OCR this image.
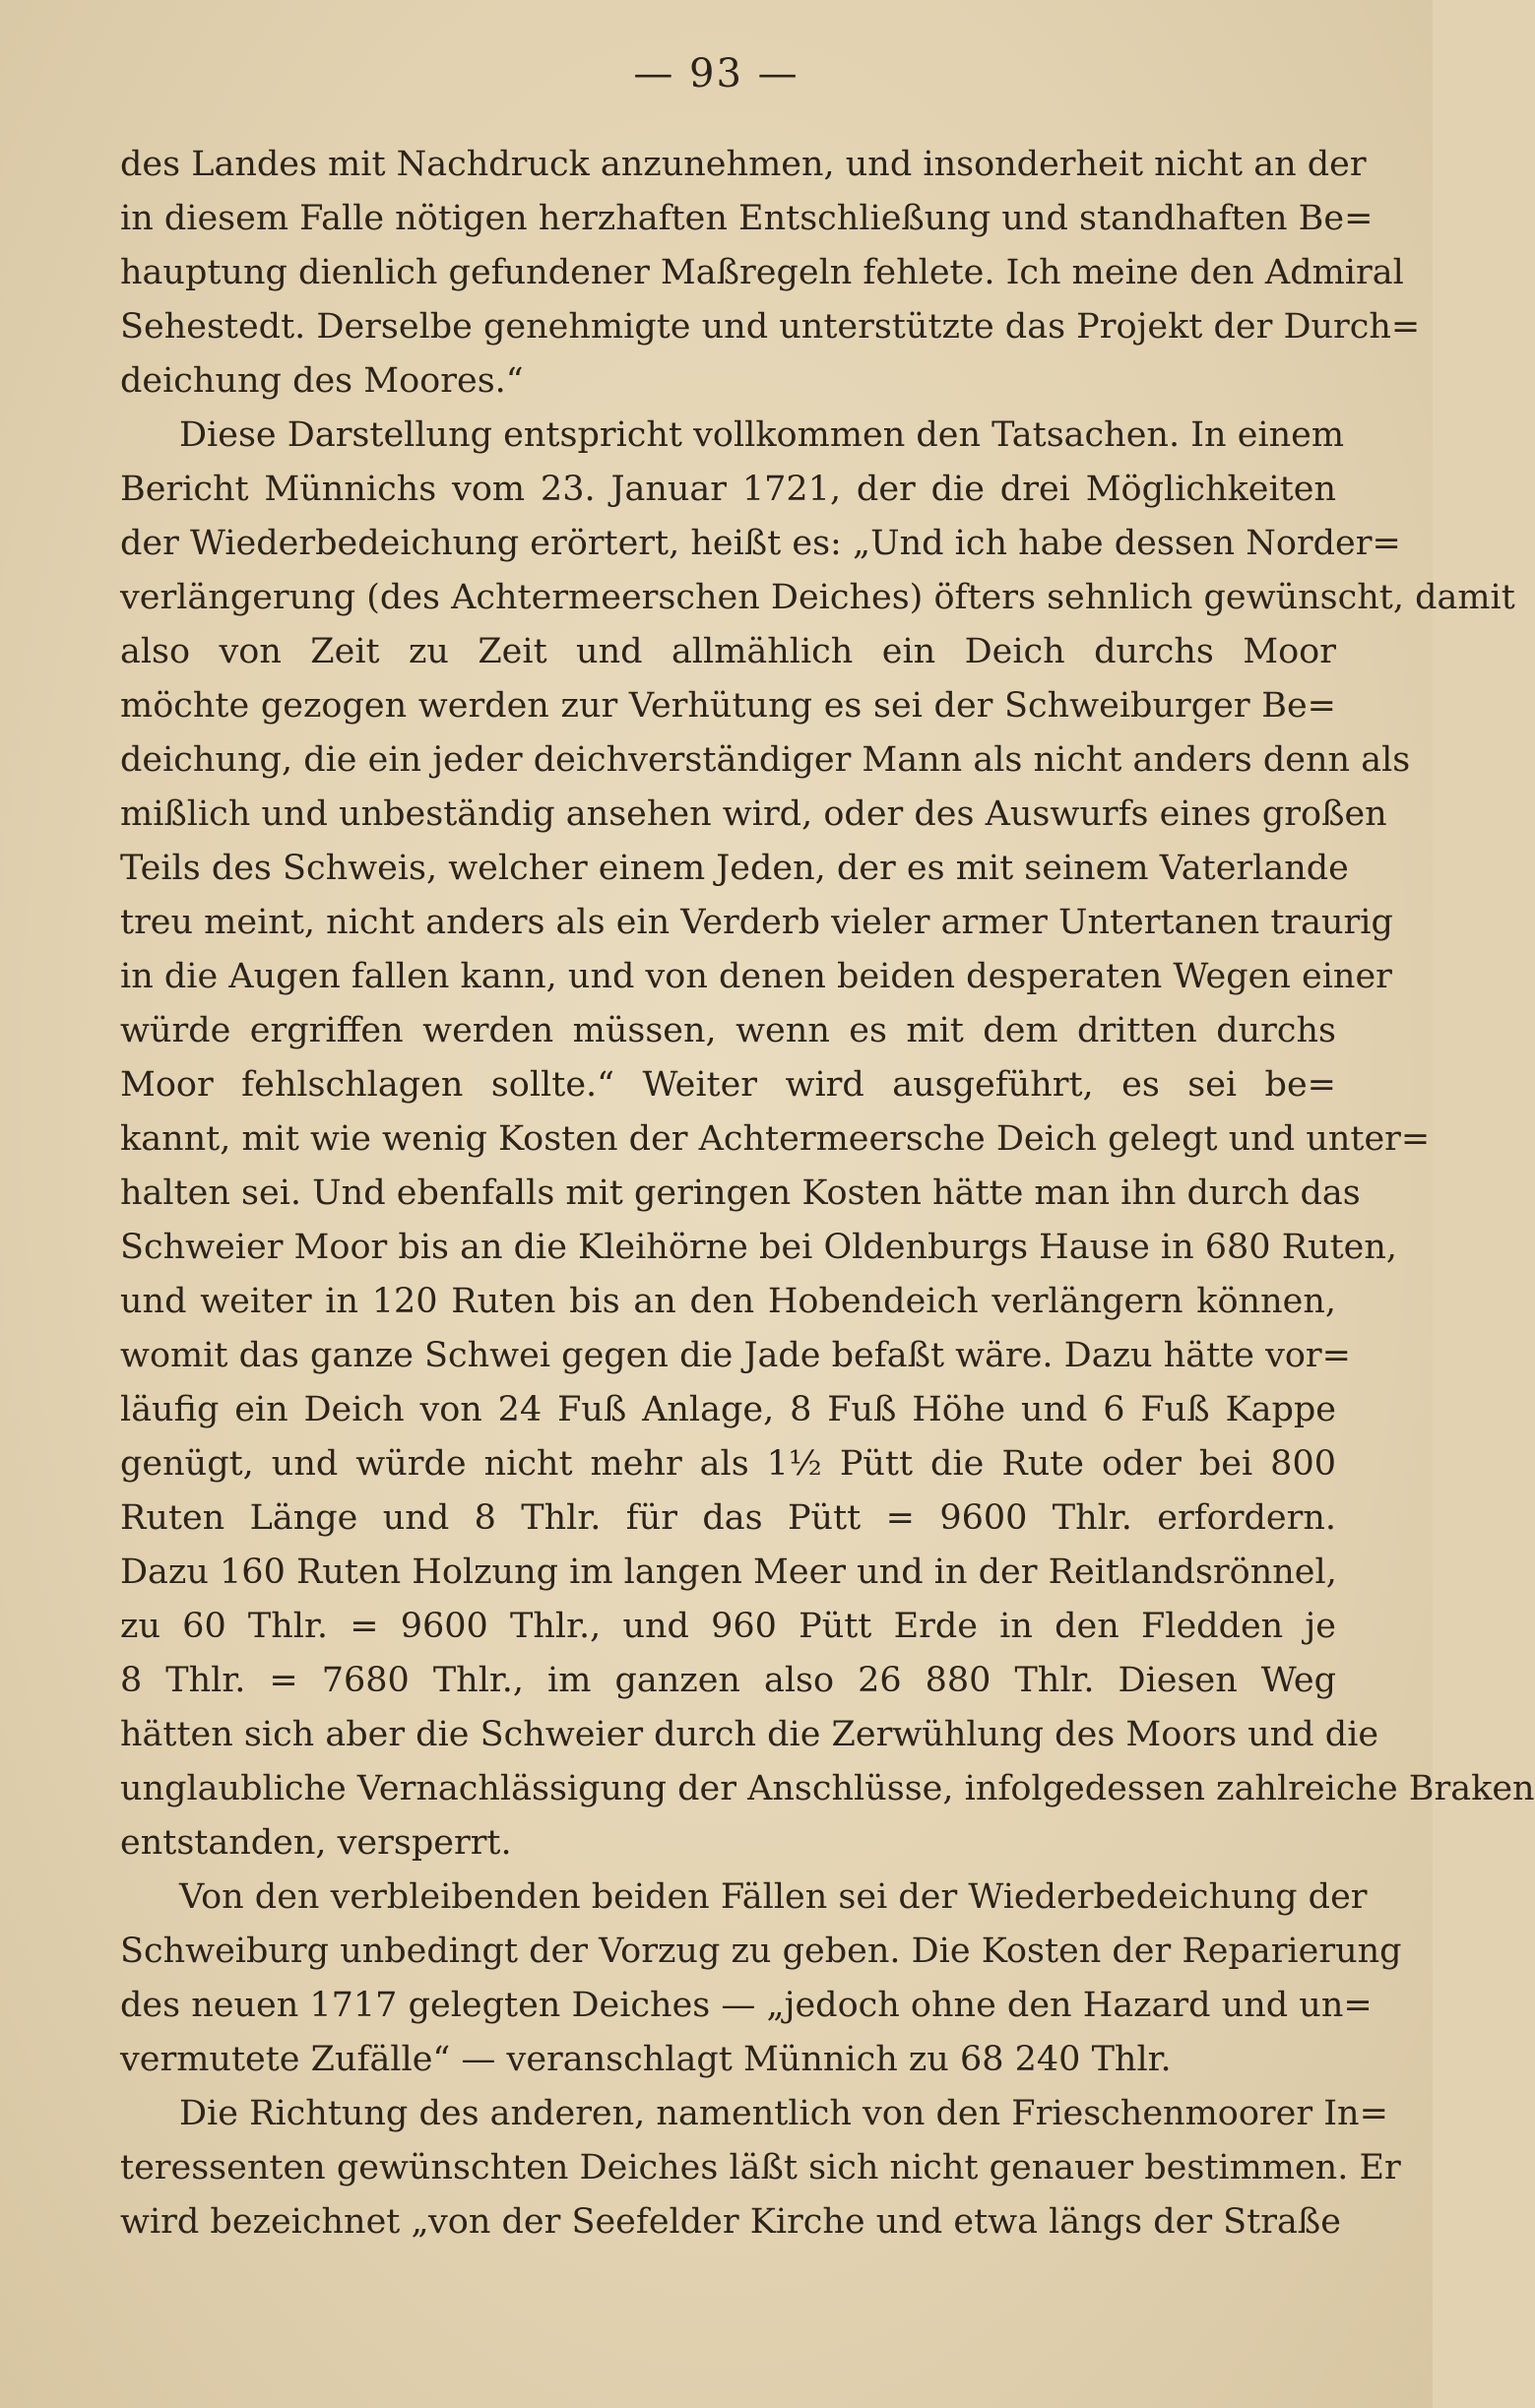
— 93 —
des Landes mit Nachdruck anzunehmen, und insonderheit nicht an der
in diesem Falle nötigen herzhaften Entschließung und standhaften Be=
hauptung dienlich gefundener Maßregeln fehlete. Ich meine den Admiral
Sehestedt. Derselbe genehmigte und unterstützte das Projekt der Durch=
deichung des Moores.“
Diese Darstellung entspricht vollkommen den Tatsachen. In einem
Bericht Münnichs vom 23. Januar 1721, der die drei Möglichkeiten
der Wiederbedeichung erörtert, heißt es: „Und ich habe dessen Norder=
verlängerung (des Achtermeerschen Deiches) öfters sehnlich gewünscht, damit
also von Zeit zu Zeit und allmählich ein Deich durchs Moor
möchte gezogen werden zur Verhütung es sei der Schweiburger Be=
deichung, die ein jeder deichverständiger Mann als nicht anders denn als
mißlich und unbeständig ansehen wird, oder des Auswurfs eines großen
Teils des Schweis, welcher einem Jeden, der es mit seinem Vaterlande
treu meint, nicht anders als ein Verderb vieler armer Untertanen traurig
in die Augen fallen kann, und von denen beiden desperaten Wegen einer
würde ergriffen werden müssen, wenn es mit dem dritten durchs
Moor fehlschlagen sollte.“ Weiter wird ausgeführt, es sei be=
kannt, mit wie wenig Kosten der Achtermeersche Deich gelegt und unter=
halten sei. Und ebenfalls mit geringen Kosten hätte man ihn durch das
Schweier Moor bis an die Kleihörne bei Oldenburgs Hause in 680 Ruten,
und weiter in 120 Ruten bis an den Hobendeich verlängern können,
womit das ganze Schwei gegen die Jade befaßt wäre. Dazu hätte vor=
läufig ein Deich von 24 Fuß Anlage, 8 Fuß Höhe und 6 Fuß Kappe
genügt, und würde nicht mehr als 1½ Pütt die Rute oder bei 800
Ruten Länge und 8 Thlr. für das Pütt = 9600 Thlr. erfordern.
Dazu 160 Ruten Holzung im langen Meer und in der Reitlandsrönnel,
zu 60 Thlr. = 9600 Thlr., und 960 Pütt Erde in den Fledden je
8 Thlr. = 7680 Thlr., im ganzen also 26 880 Thlr. Diesen Weg
hätten sich aber die Schweier durch die Zerwühlung des Moors und die
unglaubliche Vernachlässigung der Anschlüsse, infolgedessen zahlreiche Braken
entstanden, versperrt.
Von den verbleibenden beiden Fällen sei der Wiederbedeichung der
Schweiburg unbedingt der Vorzug zu geben. Die Kosten der Reparierung
des neuen 1717 gelegten Deiches — „jedoch ohne den Hazard und un=
vermutete Zufälle“ — veranschlagt Münnich zu 68 240 Thlr.
Die Richtung des anderen, namentlich von den Frieschenmoorer In=
teressenten gewünschten Deiches läßt sich nicht genauer bestimmen. Er
wird bezeichnet „von der Seefelder Kirche und etwa längs der Straße
